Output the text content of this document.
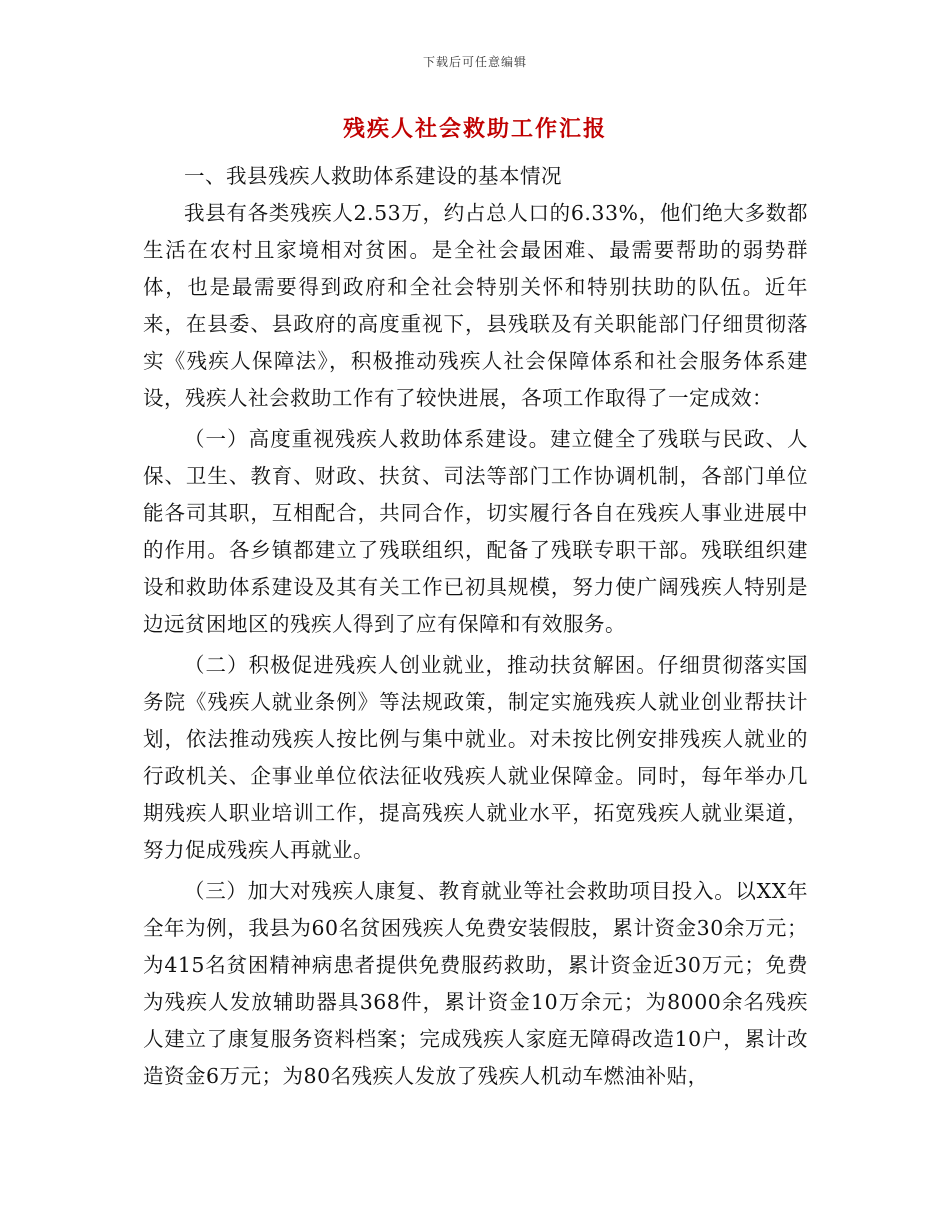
下载后可任意编辑
残疾人社会救助工作汇报

一、我县残疾人救助体系建设的基本情况

我县有各类残疾人2.53万，约占总人口的6.33%，他们绝大多数都生活在农村且家境相对贫困。是全社会最困难、最需要帮助的弱势群体，也是最需要得到政府和全社会特别关怀和特别扶助的队伍。近年来，在县委、县政府的高度重视下，县残联及有关职能部门仔细贯彻落实《残疾人保障法》，积极推动残疾人社会保障体系和社会服务体系建设，残疾人社会救助工作有了较快进展，各项工作取得了一定成效：

（一）高度重视残疾人救助体系建设。建立健全了残联与民政、人保、卫生、教育、财政、扶贫、司法等部门工作协调机制，各部门单位能各司其职，互相配合，共同合作，切实履行各自在残疾人事业进展中的作用。各乡镇都建立了残联组织，配备了残联专职干部。残联组织建设和救助体系建设及其有关工作已初具规模，努力使广阔残疾人特别是边远贫困地区的残疾人得到了应有保障和有效服务。

（二）积极促进残疾人创业就业，推动扶贫解困。仔细贯彻落实国务院《残疾人就业条例》等法规政策，制定实施残疾人就业创业帮扶计划，依法推动残疾人按比例与集中就业。对未按比例安排残疾人就业的行政机关、企事业单位依法征收残疾人就业保障金。同时，每年举办几期残疾人职业培训工作，提高残疾人就业水平，拓宽残疾人就业渠道，努力促成残疾人再就业。

（三）加大对残疾人康复、教育就业等社会救助项目投入。以XX年全年为例，我县为60名贫困残疾人免费安装假肢，累计资金30余万元；为415名贫困精神病患者提供免费服药救助，累计资金近30万元；免费为残疾人发放辅助器具368件，累计资金10万余元；为8000余名残疾人建立了康复服务资料档案；完成残疾人家庭无障碍改造10户，累计改造资金6万元；为80名残疾人发放了残疾人机动车燃油补贴，
